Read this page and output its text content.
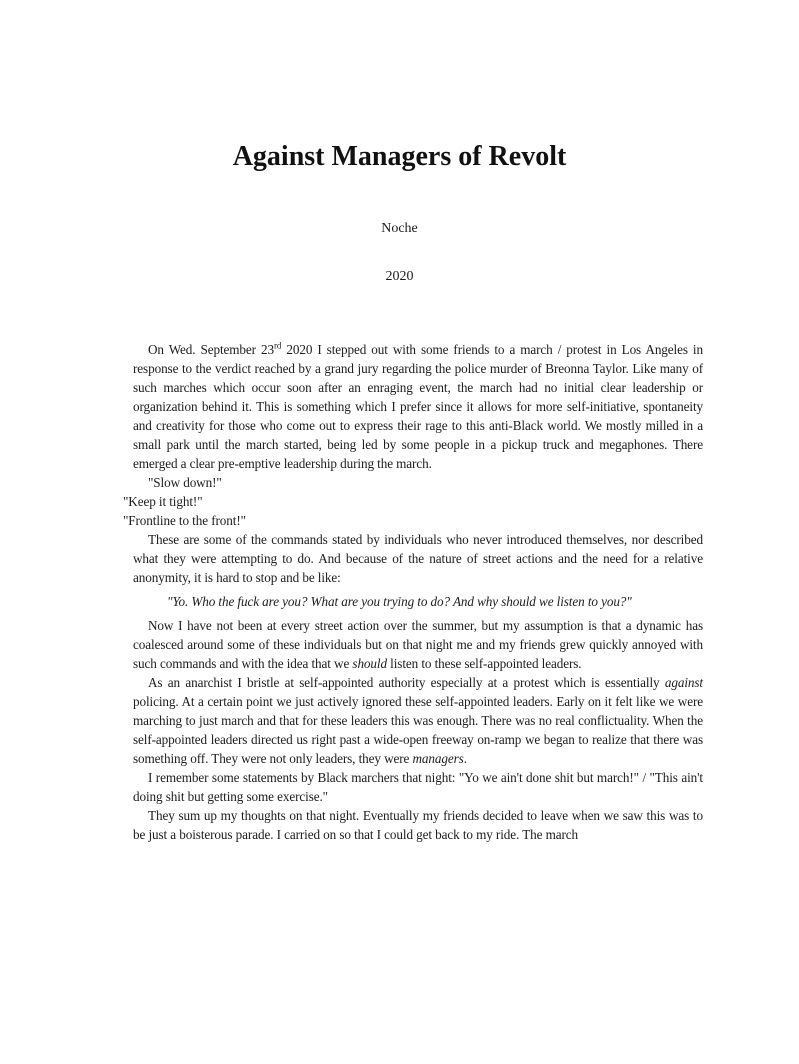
Against Managers of Revolt
Noche
2020
On Wed. September 23rd 2020 I stepped out with some friends to a march / protest in Los Angeles in response to the verdict reached by a grand jury regarding the police murder of Breonna Taylor. Like many of such marches which occur soon after an enraging event, the march had no initial clear leadership or organization behind it. This is something which I prefer since it allows for more self-initiative, spontaneity and creativity for those who come out to express their rage to this anti-Black world. We mostly milled in a small park until the march started, being led by some people in a pickup truck and megaphones. There emerged a clear pre-emptive leadership during the march.
"Slow down!"
"Keep it tight!"
"Frontline to the front!"
These are some of the commands stated by individuals who never introduced themselves, nor described what they were attempting to do. And because of the nature of street actions and the need for a relative anonymity, it is hard to stop and be like:
"Yo. Who the fuck are you? What are you trying to do? And why should we listen to you?"
Now I have not been at every street action over the summer, but my assumption is that a dynamic has coalesced around some of these individuals but on that night me and my friends grew quickly annoyed with such commands and with the idea that we should listen to these self-appointed leaders.
As an anarchist I bristle at self-appointed authority especially at a protest which is essentially against policing. At a certain point we just actively ignored these self-appointed leaders. Early on it felt like we were marching to just march and that for these leaders this was enough. There was no real conflictuality. When the self-appointed leaders directed us right past a wide-open freeway on-ramp we began to realize that there was something off. They were not only leaders, they were managers.
I remember some statements by Black marchers that night: "Yo we ain't done shit but march!" / "This ain't doing shit but getting some exercise."
They sum up my thoughts on that night. Eventually my friends decided to leave when we saw this was to be just a boisterous parade. I carried on so that I could get back to my ride. The march
